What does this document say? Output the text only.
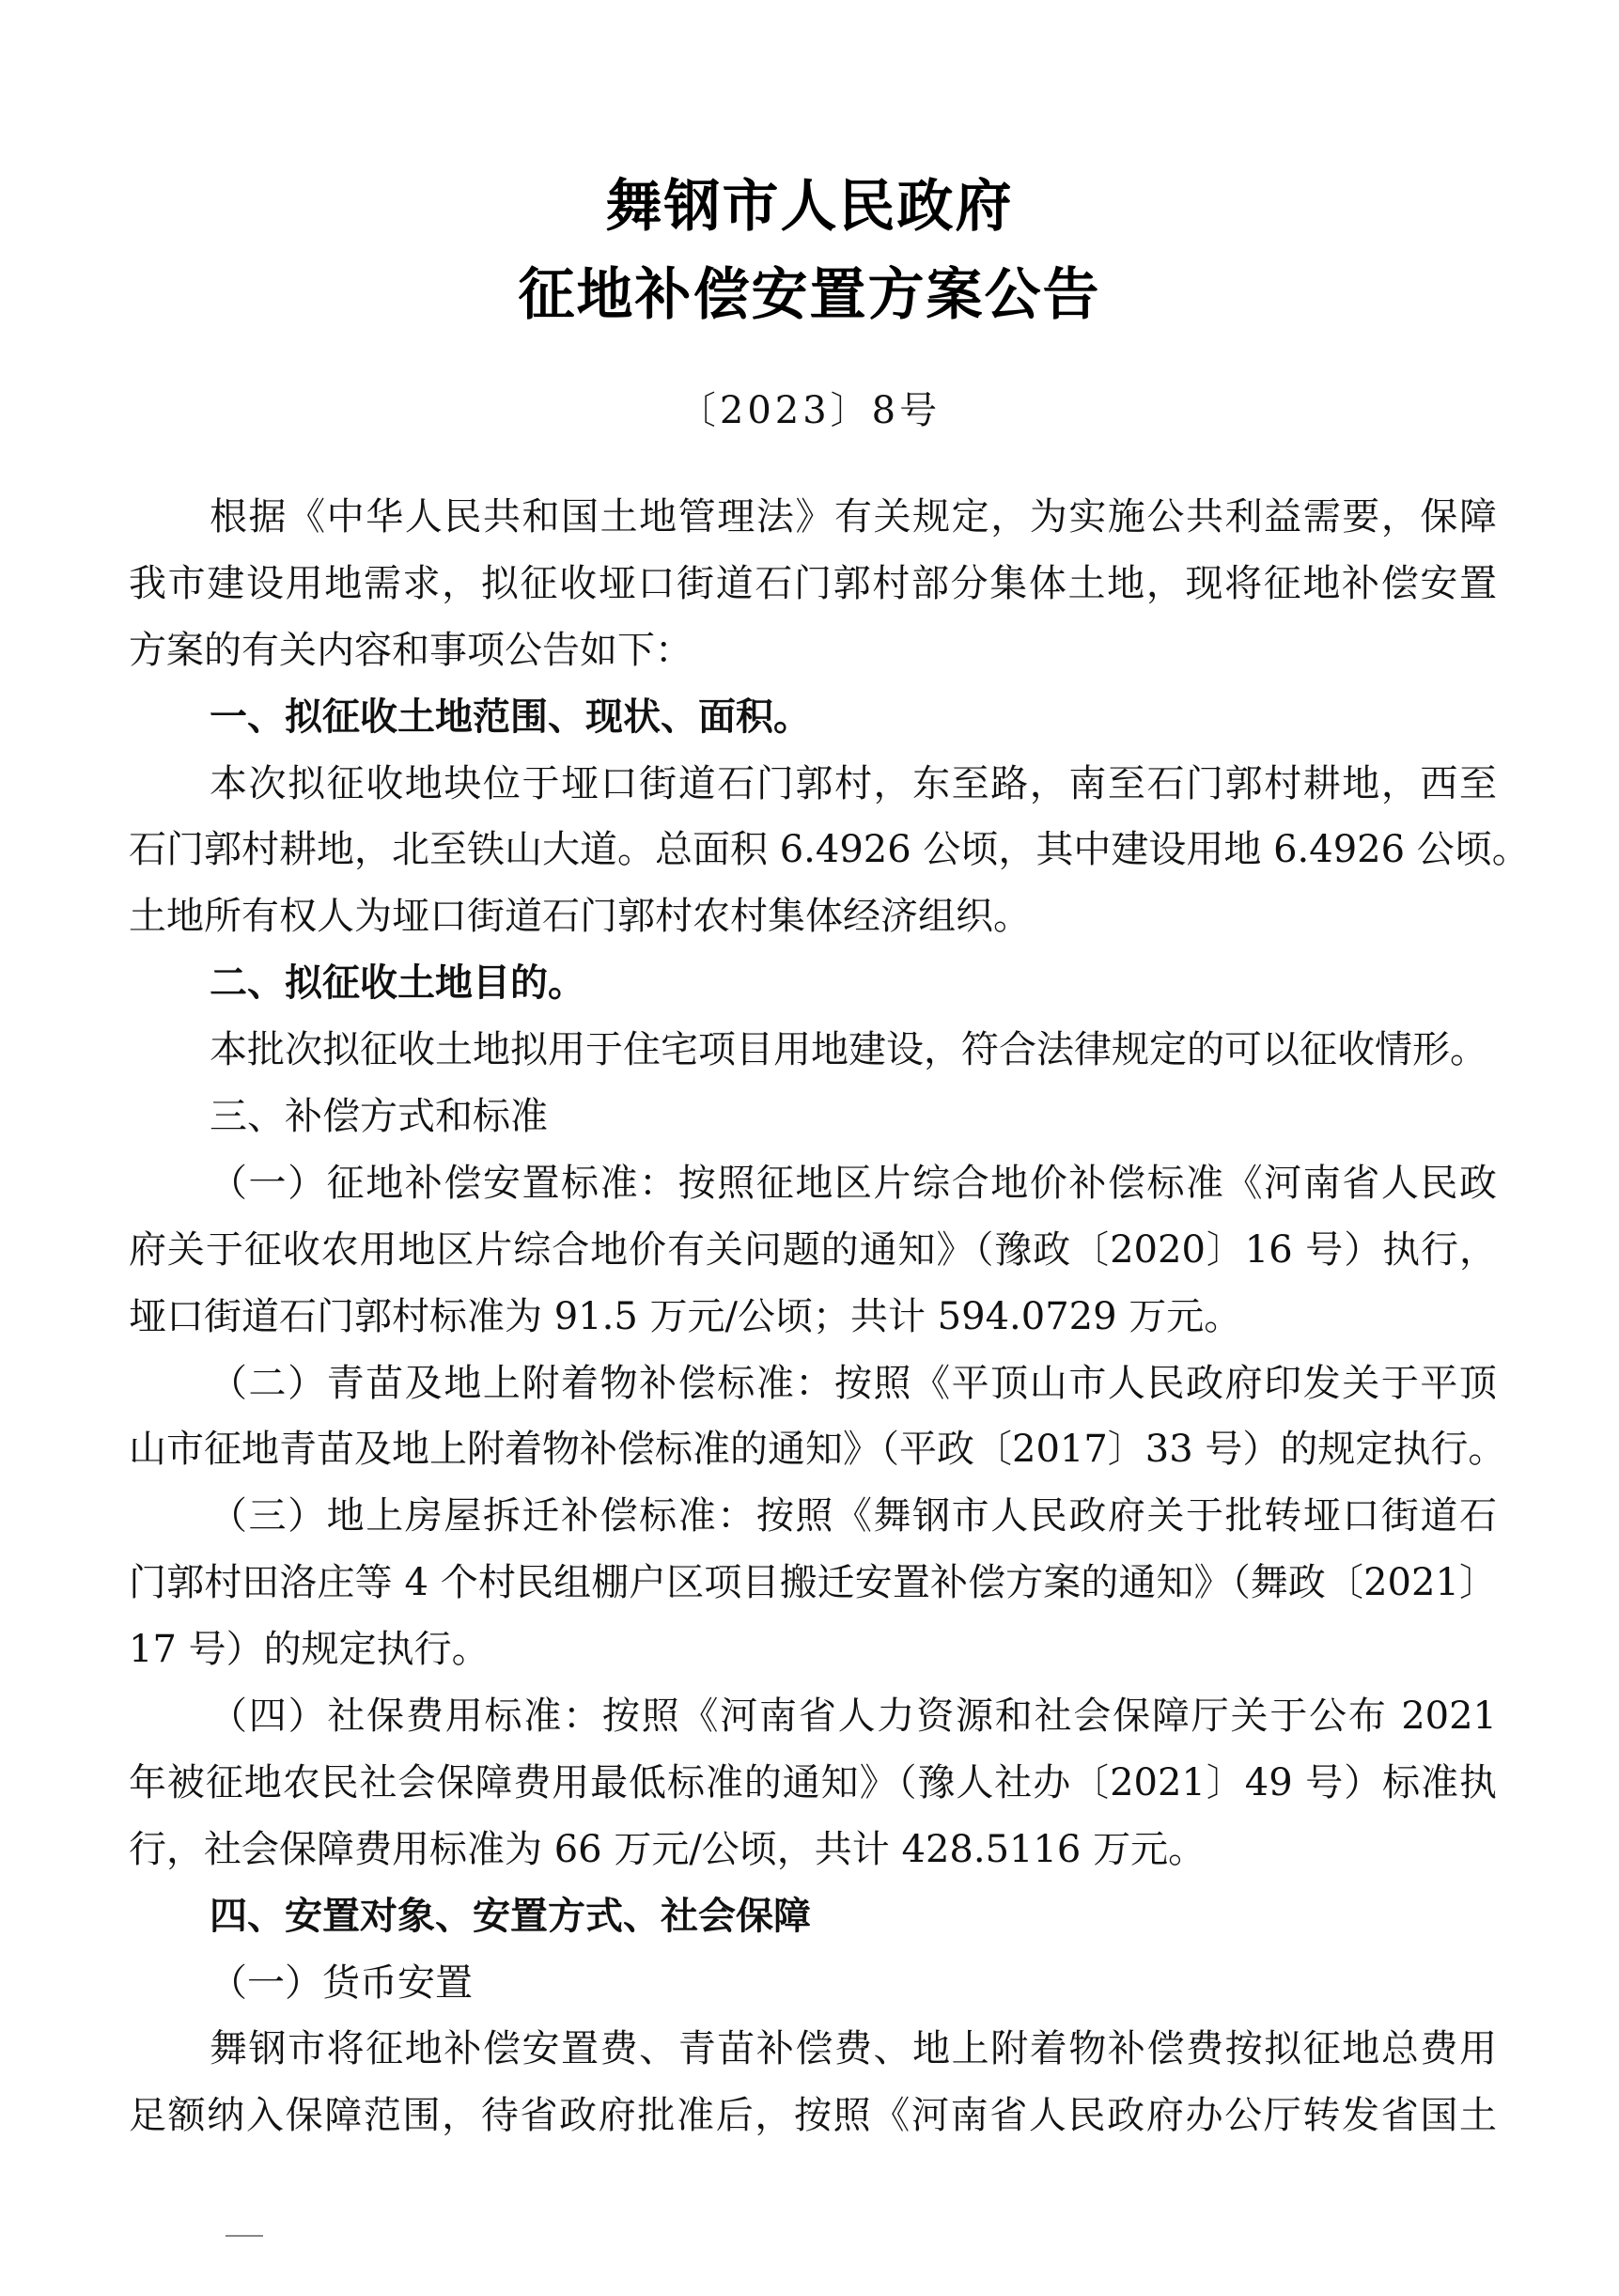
舞钢市人民政府
征地补偿安置方案公告
〔2023〕8号
根据《中华人民共和国土地管理法》有关规定，为实施公共利益需要，保障
我市建设用地需求，拟征收垭口街道石门郭村部分集体土地，现将征地补偿安置
方案的有关内容和事项公告如下：
一、拟征收土地范围、现状、面积。
本次拟征收地块位于垭口街道石门郭村，东至路，南至石门郭村耕地，西至
石门郭村耕地，北至铁山大道。总面积 6.4926 公顷，其中建设用地 6.4926 公顷。
土地所有权人为垭口街道石门郭村农村集体经济组织。
二、拟征收土地目的。
本批次拟征收土地拟用于住宅项目用地建设，符合法律规定的可以征收情形。
三、补偿方式和标准
（一）征地补偿安置标准：按照征地区片综合地价补偿标准《河南省人民政
府关于征收农用地区片综合地价有关问题的通知》（豫政〔2020〕16 号）执行，
垭口街道石门郭村标准为 91.5 万元/公顷；共计 594.0729 万元。
（二）青苗及地上附着物补偿标准：按照《平顶山市人民政府印发关于平顶
山市征地青苗及地上附着物补偿标准的通知》（平政〔2017〕33 号）的规定执行。
（三）地上房屋拆迁补偿标准：按照《舞钢市人民政府关于批转垭口街道石
门郭村田洛庄等 4 个村民组棚户区项目搬迁安置补偿方案的通知》（舞政〔2021〕
17 号）的规定执行。
（四）社保费用标准：按照《河南省人力资源和社会保障厅关于公布 2021
年被征地农民社会保障费用最低标准的通知》（豫人社办〔2021〕49 号）标准执
行，社会保障费用标准为 66 万元/公顷，共计 428.5116 万元。
四、安置对象、安置方式、社会保障
（一）货币安置
舞钢市将征地补偿安置费、青苗补偿费、地上附着物补偿费按拟征地总费用
足额纳入保障范围，待省政府批准后，按照《河南省人民政府办公厅转发省国土
